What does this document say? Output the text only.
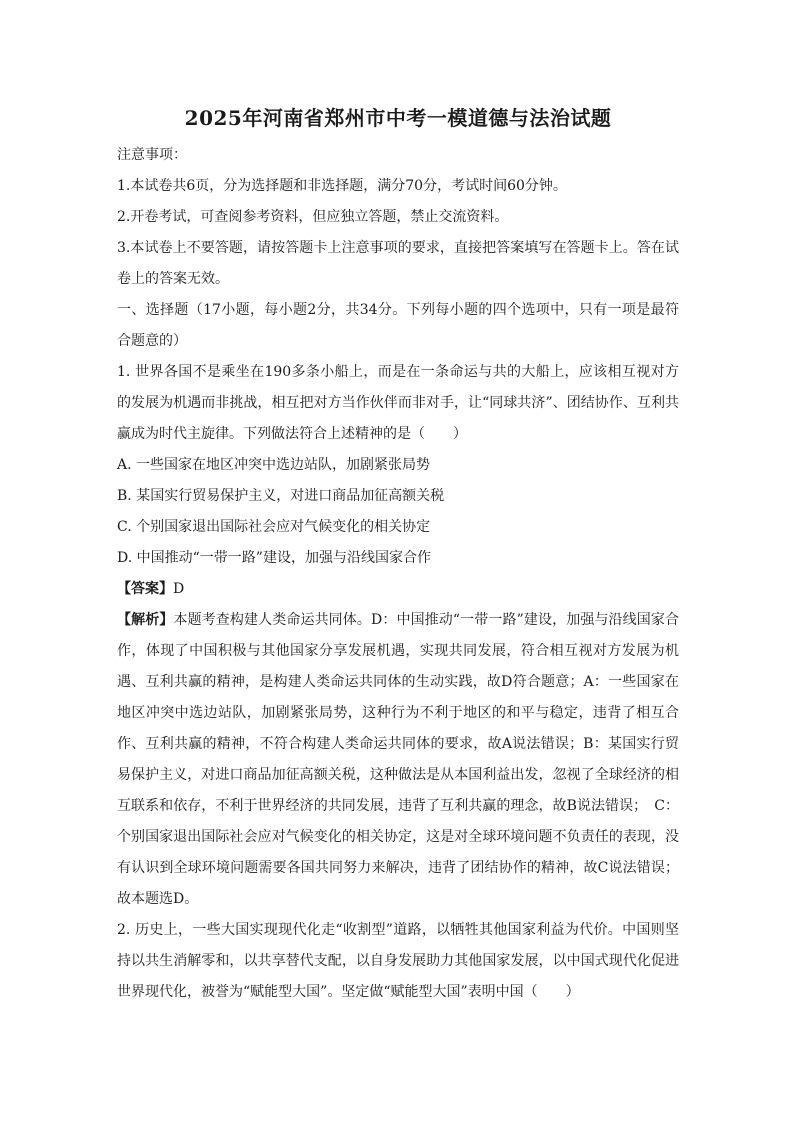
2025年河南省郑州市中考一模道德与法治试题

注意事项：

1.本试卷共6页，分为选择题和非选择题，满分70分，考试时间60分钟。

2.开卷考试，可查阅参考资料，但应独立答题，禁止交流资料。

3.本试卷上不要答题，请按答题卡上注意事项的要求，直接把答案填写在答题卡上。答在试卷上的答案无效。

一、选择题（17小题，每小题2分，共34分。下列每小题的四个选项中，只有一项是最符合题意的）

1. 世界各国不是乘坐在190多条小船上，而是在一条命运与共的大船上，应该相互视对方的发展为机遇而非挑战，相互把对方当作伙伴而非对手，让“同球共济”、团结协作、互利共赢成为时代主旋律。下列做法符合上述精神的是（　　）

A. 一些国家在地区冲突中选边站队，加剧紧张局势

B. 某国实行贸易保护主义，对进口商品加征高额关税

C. 个别国家退出国际社会应对气候变化的相关协定

D. 中国推动“一带一路”建设，加强与沿线国家合作

【答案】D

【解析】本题考查构建人类命运共同体。D：中国推动“一带一路”建设，加强与沿线国家合作，体现了中国积极与其他国家分享发展机遇，实现共同发展，符合相互视对方发展为机遇、互利共赢的精神，是构建人类命运共同体的生动实践，故D符合题意；A：一些国家在地区冲突中选边站队，加剧紧张局势，这种行为不利于地区的和平与稳定，违背了相互合作、互利共赢的精神，不符合构建人类命运共同体的要求，故A说法错误；B：某国实行贸易保护主义，对进口商品加征高额关税，这种做法是从本国利益出发，忽视了全球经济的相互联系和依存，不利于世界经济的共同发展，违背了互利共赢的理念，故B说法错误；　C：个别国家退出国际社会应对气候变化的相关协定，这是对全球环境问题不负责任的表现，没有认识到全球环境问题需要各国共同努力来解决，违背了团结协作的精神，故C说法错误；故本题选D。

2. 历史上，一些大国实现现代化走“收割型”道路，以牺牲其他国家利益为代价。中国则坚持以共生消解零和，以共享替代支配，以自身发展助力其他国家发展，以中国式现代化促进世界现代化，被誉为“赋能型大国”。坚定做“赋能型大国”表明中国（　　）
